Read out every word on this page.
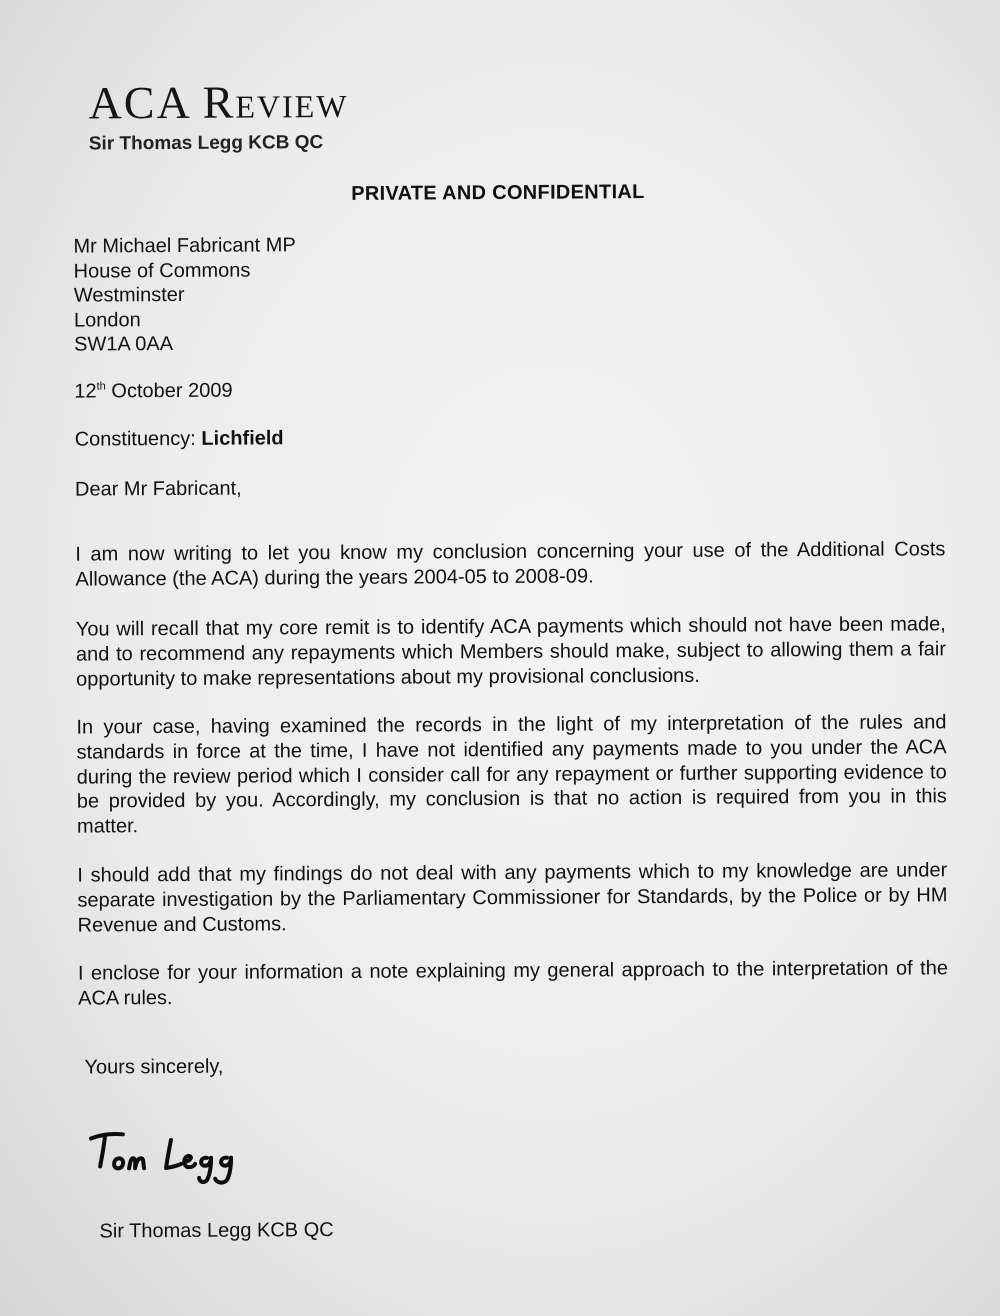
ACA Review
Sir Thomas Legg KCB QC
PRIVATE AND CONFIDENTIAL
Mr Michael Fabricant MP
House of Commons
Westminster
London
SW1A 0AA
12th October 2009
Constituency: Lichfield
Dear Mr Fabricant,

I am now writing to let you know my conclusion concerning your use of the Additional Costs Allowance (the ACA) during the years 2004-05 to 2008-09.

You will recall that my core remit is to identify ACA payments which should not have been made, and to recommend any repayments which Members should make, subject to allowing them a fair opportunity to make representations about my provisional conclusions.

In your case, having examined the records in the light of my interpretation of the rules and standards in force at the time, I have not identified any payments made to you under the ACA during the review period which I consider call for any repayment or further supporting evidence to be provided by you. Accordingly, my conclusion is that no action is required from you in this matter.

I should add that my findings do not deal with any payments which to my knowledge are under separate investigation by the Parliamentary Commissioner for Standards, by the Police or by HM Revenue and Customs.

I enclose for your information a note explaining my general approach to the interpretation of the ACA rules.

Yours sincerely,
Sir Thomas Legg KCB QC
